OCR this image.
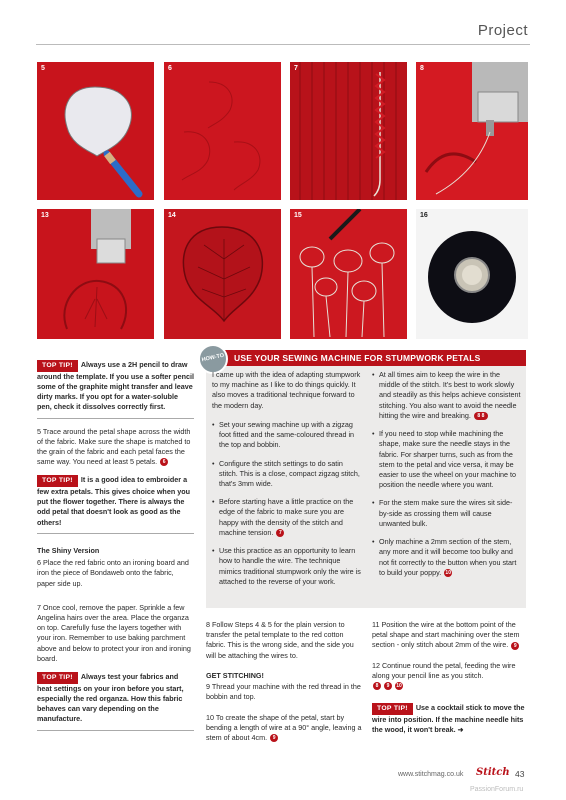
Project
5	6	7	8
13	14	15	16
TOP TIP! Always use a 2H pencil to draw around the template. If you use a softer pencil some of the graphite might transfer and leave dirty marks. If you opt for a water-soluble pen, check it dissolves correctly first.

5 Trace around the petal shape across the width of the fabric. Make sure the shape is matched to the grain of the fabric and each petal faces the same way. You need at least 5 petals. 6

TOP TIP! It is a good idea to embroider a few extra petals. This gives choice when you put the flower together. There is always the odd petal that doesn't look as good as the others!

The Shiny Version

6 Place the red fabric onto an ironing board and iron the piece of Bondaweb onto the fabric, paper side up.

7 Once cool, remove the paper. Sprinkle a few Angelina hairs over the area. Place the organza on top. Carefully fuse the layers together with your iron. Remember to use baking parchment above and below to protect your iron and ironing board.

TOP TIP! Always test your fabrics and heat settings on your iron before you start, especially the red organza. How this fabric behaves can vary depending on the manufacture.
HOW-TO USE YOUR SEWING MACHINE FOR STUMPWORK PETALS

I came up with the idea of adapting stumpwork to my machine as I like to do things quickly. It also moves a traditional technique forward to the modern day.

• Set your sewing machine up with a zigzag foot fitted and the same-coloured thread in the top and bobbin.
• Configure the stitch settings to do satin stitch. This is a close, compact zigzag stitch, that's 3mm wide.
• Before starting have a little practice on the edge of the fabric to make sure you are happy with the density of the stitch and machine tension. 7
• Use this practice as an opportunity to learn how to handle the wire. The technique mimics traditional stumpwork only the wire is attached to the reverse of your work.
• At all times aim to keep the wire in the middle of the stitch. It's best to work slowly and steadily as this helps achieve consistent stitching. You also want to avoid the needle hitting the wire and breaking. 8 8
• If you need to stop while machining the shape, make sure the needle stays in the fabric. For sharper turns, such as from the stem to the petal and vice versa, it may be easier to use the wheel on your machine to position the needle where you want.
• For the stem make sure the wires sit side-by-side as crossing them will cause unwanted bulk.
• Only machine a 2mm section of the stem, any more and it will become too bulky and not fit correctly to the button when you start to build your poppy. 10

8 Follow Steps 4 & 5 for the plain version to transfer the petal template to the red cotton fabric. This is the wrong side, and the side you will be attaching the wires to.

GET STITCHING!

9 Thread your machine with the red thread in the bobbin and top.

10 To create the shape of the petal, start by bending a length of wire at a 90° angle, leaving a stem of about 4cm. 9

11 Position the wire at the bottom point of the petal shape and start machining over the stem section - only stitch about 2mm of the wire. 9

12 Continue round the petal, feeding the wire along your pencil line as you stitch.
8 9 10

TOP TIP! Use a cocktail stick to move the wire into position. If the machine needle hits the wood, it won't break. ➜
www.stitchmag.co.uk Stitch 43
PassionForum.ru
